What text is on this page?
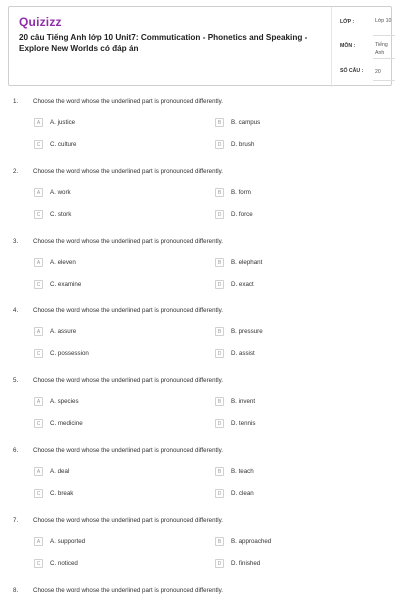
Quizizz
20 câu Tiếng Anh lớp 10 Unit7: Commutication - Phonetics and Speaking - Explore New Worlds có đáp án
LỚP :	Lớp 10
MÔN :	Tiếng Anh
SỐ CÂU : 20
1. Choose the word whose the underlined part is pronounced differently.
A	A. justice	B	B. campus
C	C. culture	D	D. brush
2. Choose the word whose the underlined part is pronounced differently.
A	A. work	B	B. form
C	C. stork	D	D. force
3. Choose the word whose the underlined part is pronounced differently.
A	A. eleven	B	B. elephant
C	C. examine	D	D. exact
4. Choose the word whose the underlined part is pronounced differently.
A	A. assure	B	B. pressure
C	C. possession	D	D. assist
5. Choose the word whose the underlined part is pronounced differently.
A	A. species	B	B. invent
C	C. medicine	D	D. tennis
6. Choose the word whose the underlined part is pronounced differently.
A	A. deal	B	B. teach
C	C. break	D	D. clean
7. Choose the word whose the underlined part is pronounced differently.
A	A. supported	B	B. approached
C	C. noticed	D	D. finished
8. Choose the word whose the underlined part is pronounced differently.
